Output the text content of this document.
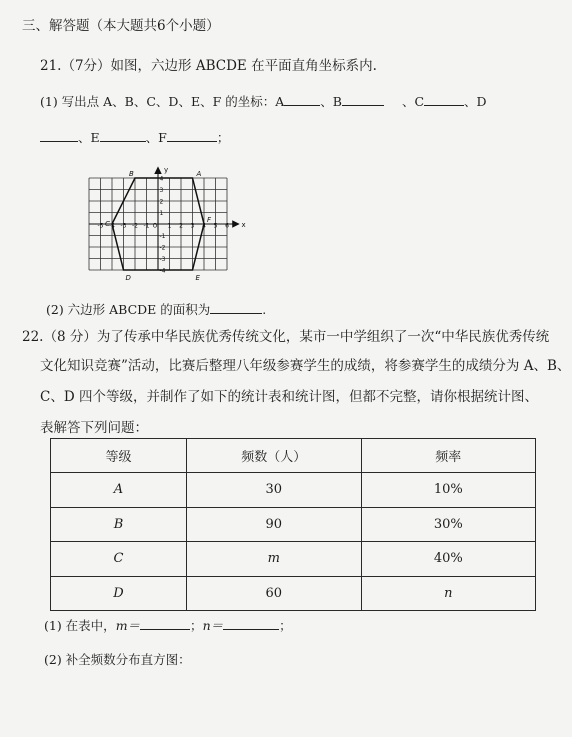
三、解答题（本大题共6个小题）
21.（7分）如图，六边形 ABCDE 在平面直角坐标系内.
(1) 写出点 A、B、C、D、E、F 的坐标：A	、B	、C	、D
、E	、F	；
x
y
-5 -4 -3 -2 -1 O 1 2 3 4 5 6
4
3
2
1
-1
-2
-3
-4
A
B
C
D	E
F
(2) 六边形 ABCDE 的面积为	.
22.（8 分）为了传承中华民族优秀传统文化，某市一中学组织了一次“中华民族优秀传统
文化知识竞赛”活动，比赛后整理八年级参赛学生的成绩，将参赛学生的成绩分为 A、B、
C、D 四个等级，并制作了如下的统计表和统计图，但都不完整，请你根据统计图、
表解答下列问题：
等级	频数（人）	频率
A	30	10%
B	90	30%
C	m	40%
D	60	n
(1) 在表中，m＝	；n＝	；
(2) 补全频数分布直方图：
